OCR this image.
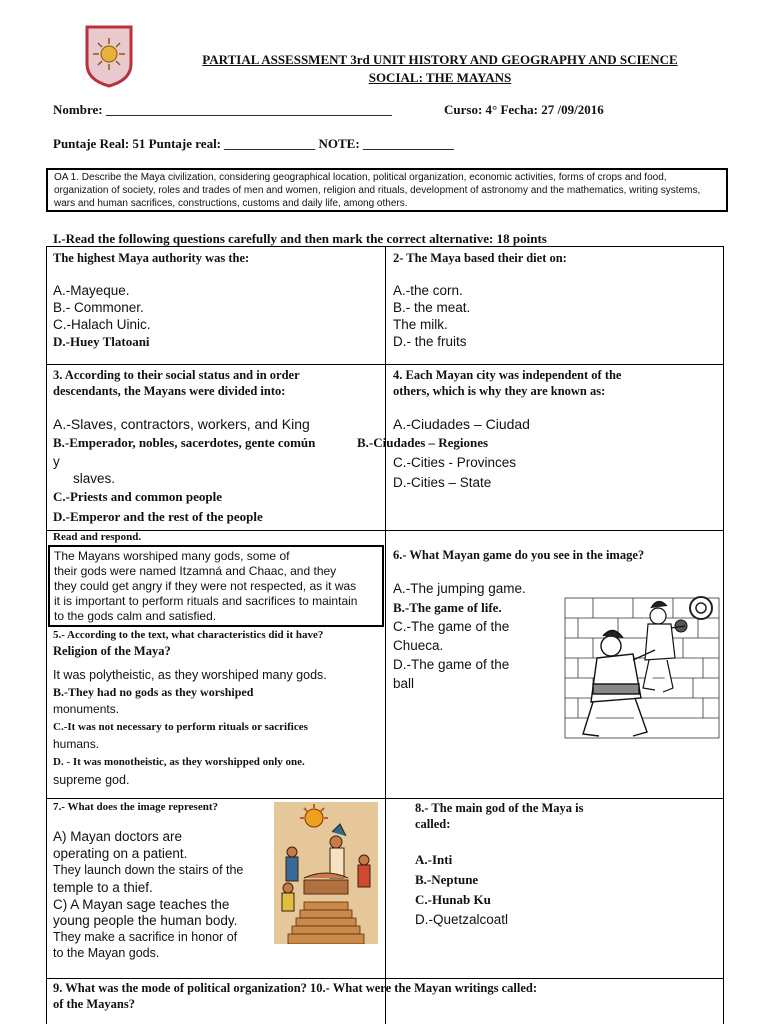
PARTIAL ASSESSMENT 3rd UNIT HISTORY AND GEOGRAPHY AND SCIENCE
SOCIAL: THE MAYANS
Nombre: ____________________________________________	Curso: 4° Fecha: 27 /09/2016
Puntaje Real: 51 Puntaje real: ______________ NOTE: ______________
OA 1. Describe the Maya civilization, considering geographical location, political organization, economic activities, forms of crops and food, organization of society, roles and trades of men and women, religion and rituals, development of astronomy and the mathematics, writing systems, wars and human sacrifices, constructions, customs and daily life, among others.
I.-Read the following questions carefully and then mark the correct alternative: 18 points
The highest Maya authority was the:
A.-Mayeque.
B.- Commoner.
C.-Halach Uinic.
D.-Huey Tlatoani
2- The Maya based their diet on:
A.-the corn.
B.- the meat.
The milk.
D.- the fruits
3. According to their social status and in order
descendants, the Mayans were divided into:
A.-Slaves, contractors, workers, and King
B.-Emperador, nobles, sacerdotes, gente común
y
slaves.
C.-Priests and common people
D.-Emperor and the rest of the people
4. Each Mayan city was independent of the
others, which is why they are known as:
A.-Ciudades – Ciudad
B.-Ciudades – Regiones
C.-Cities - Provinces
D.-Cities – State
Read and respond.
The Mayans worshiped many gods, some of
their gods were named Itzamná and Chaac, and they
they could get angry if they were not respected, as it was
it is important to perform rituals and sacrifices to maintain
to the gods calm and satisfied.
5.- According to the text, what characteristics did it have?
Religion of the Maya?
It was polytheistic, as they worshiped many gods.
B.-They had no gods as they worshiped
monuments.
C.-It was not necessary to perform rituals or sacrifices
humans.
D. - It was monotheistic, as they worshipped only one.
supreme god.
6.- What Mayan game do you see in the image?
A.-The jumping game.
B.-The game of life.
C.-The game of the
Chueca.
D.-The game of the
ball
7.- What does the image represent?
A) Mayan doctors are
operating on a patient.
They launch down the stairs of the
temple to a thief.
C) A Mayan sage teaches the
young people the human body.
They make a sacrifice in honor of
to the Mayan gods.
8.- The main god of the Maya is
called:
A.-Inti
B.-Neptune
C.-Hunab Ku
D.-Quetzalcoatl
9. What was the mode of political organization? 10.- What were the Mayan writings called:
of the Mayans?
